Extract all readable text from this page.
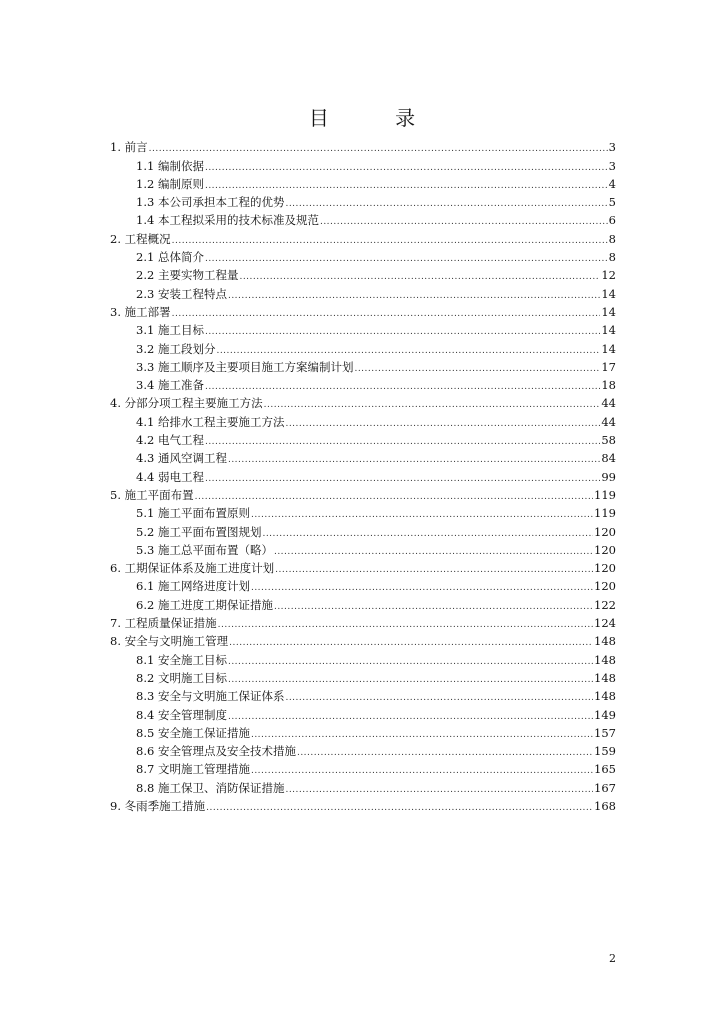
目 录
1. 前言 .....	3
1.1 编制依据 .....	3
1.2 编制原则 .....	4
1.3 本公司承担本工程的优势 .....	5
1.4 本工程拟采用的技术标准及规范 .....	6
2. 工程概况 .....	8
2.1 总体简介 .....	8
2.2 主要实物工程量 .....	12
2.3 安装工程特点 .....	14
3. 施工部署 .....	14
3.1 施工目标 .....	14
3.2 施工段划分 .....	14
3.3 施工顺序及主要项目施工方案编制计划 .....	17
3.4 施工准备 .....	18
4. 分部分项工程主要施工方法 .....	44
4.1 给排水工程主要施工方法 .....	44
4.2 电气工程 .....	58
4.3 通风空调工程 .....	84
4.4 弱电工程 .....	99
5. 施工平面布置 .....	119
5.1 施工平面布置原则 .....	119
5.2 施工平面布置图规划 .....	120
5.3 施工总平面布置（略） .....	120
6. 工期保证体系及施工进度计划 .....	120
6.1 施工网络进度计划 .....	120
6.2 施工进度工期保证措施 .....	122
7. 工程质量保证措施 .....	124
8. 安全与文明施工管理 .....	148
8.1 安全施工目标 .....	148
8.2 文明施工目标 .....	148
8.3 安全与文明施工保证体系 .....	148
8.4 安全管理制度 .....	149
8.5 安全施工保证措施 .....	157
8.6 安全管理点及安全技术措施 .....	159
8.7 文明施工管理措施 .....	165
8.8 施工保卫、消防保证措施 .....	167
9. 冬雨季施工措施 .....	168
2
